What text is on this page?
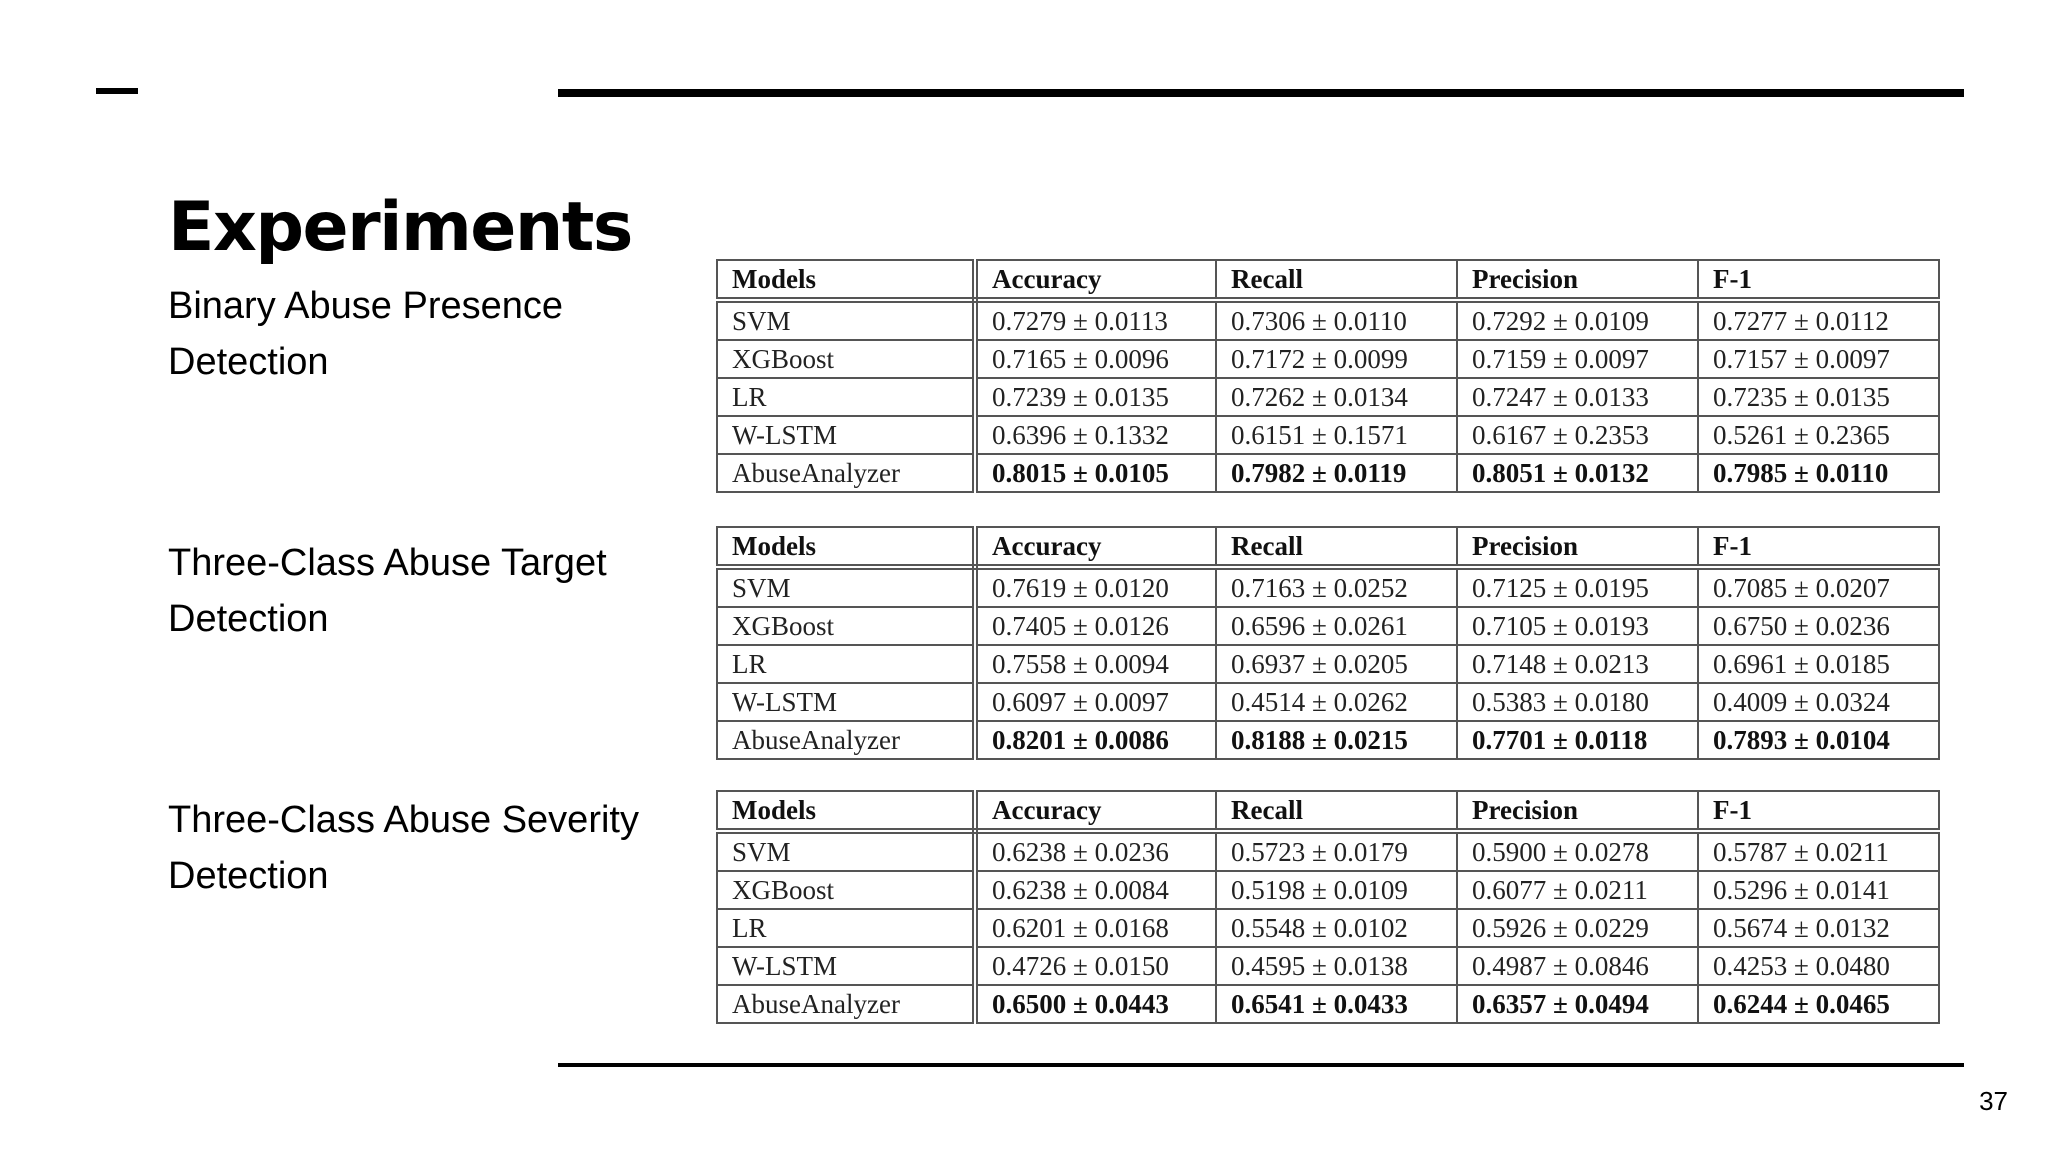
Experiments
Binary Abuse Presence
Detection
Models	Accuracy	Recall	Precision	F-1
SVM	0.7279 ± 0.0113	0.7306 ± 0.0110	0.7292 ± 0.0109	0.7277 ± 0.0112
XGBoost	0.7165 ± 0.0096	0.7172 ± 0.0099	0.7159 ± 0.0097	0.7157 ± 0.0097
LR	0.7239 ± 0.0135	0.7262 ± 0.0134	0.7247 ± 0.0133	0.7235 ± 0.0135
W-LSTM	0.6396 ± 0.1332	0.6151 ± 0.1571	0.6167 ± 0.2353	0.5261 ± 0.2365
AbuseAnalyzer	0.8015 ± 0.0105	0.7982 ± 0.0119	0.8051 ± 0.0132	0.7985 ± 0.0110
Three-Class Abuse Target
Detection
Models	Accuracy	Recall	Precision	F-1
SVM	0.7619 ± 0.0120	0.7163 ± 0.0252	0.7125 ± 0.0195	0.7085 ± 0.0207
XGBoost	0.7405 ± 0.0126	0.6596 ± 0.0261	0.7105 ± 0.0193	0.6750 ± 0.0236
LR	0.7558 ± 0.0094	0.6937 ± 0.0205	0.7148 ± 0.0213	0.6961 ± 0.0185
W-LSTM	0.6097 ± 0.0097	0.4514 ± 0.0262	0.5383 ± 0.0180	0.4009 ± 0.0324
AbuseAnalyzer	0.8201 ± 0.0086	0.8188 ± 0.0215	0.7701 ± 0.0118	0.7893 ± 0.0104
Three-Class Abuse Severity
Detection
Models	Accuracy	Recall	Precision	F-1
SVM	0.6238 ± 0.0236	0.5723 ± 0.0179	0.5900 ± 0.0278	0.5787 ± 0.0211
XGBoost	0.6238 ± 0.0084	0.5198 ± 0.0109	0.6077 ± 0.0211	0.5296 ± 0.0141
LR	0.6201 ± 0.0168	0.5548 ± 0.0102	0.5926 ± 0.0229	0.5674 ± 0.0132
W-LSTM	0.4726 ± 0.0150	0.4595 ± 0.0138	0.4987 ± 0.0846	0.4253 ± 0.0480
AbuseAnalyzer	0.6500 ± 0.0443	0.6541 ± 0.0433	0.6357 ± 0.0494	0.6244 ± 0.0465
37
